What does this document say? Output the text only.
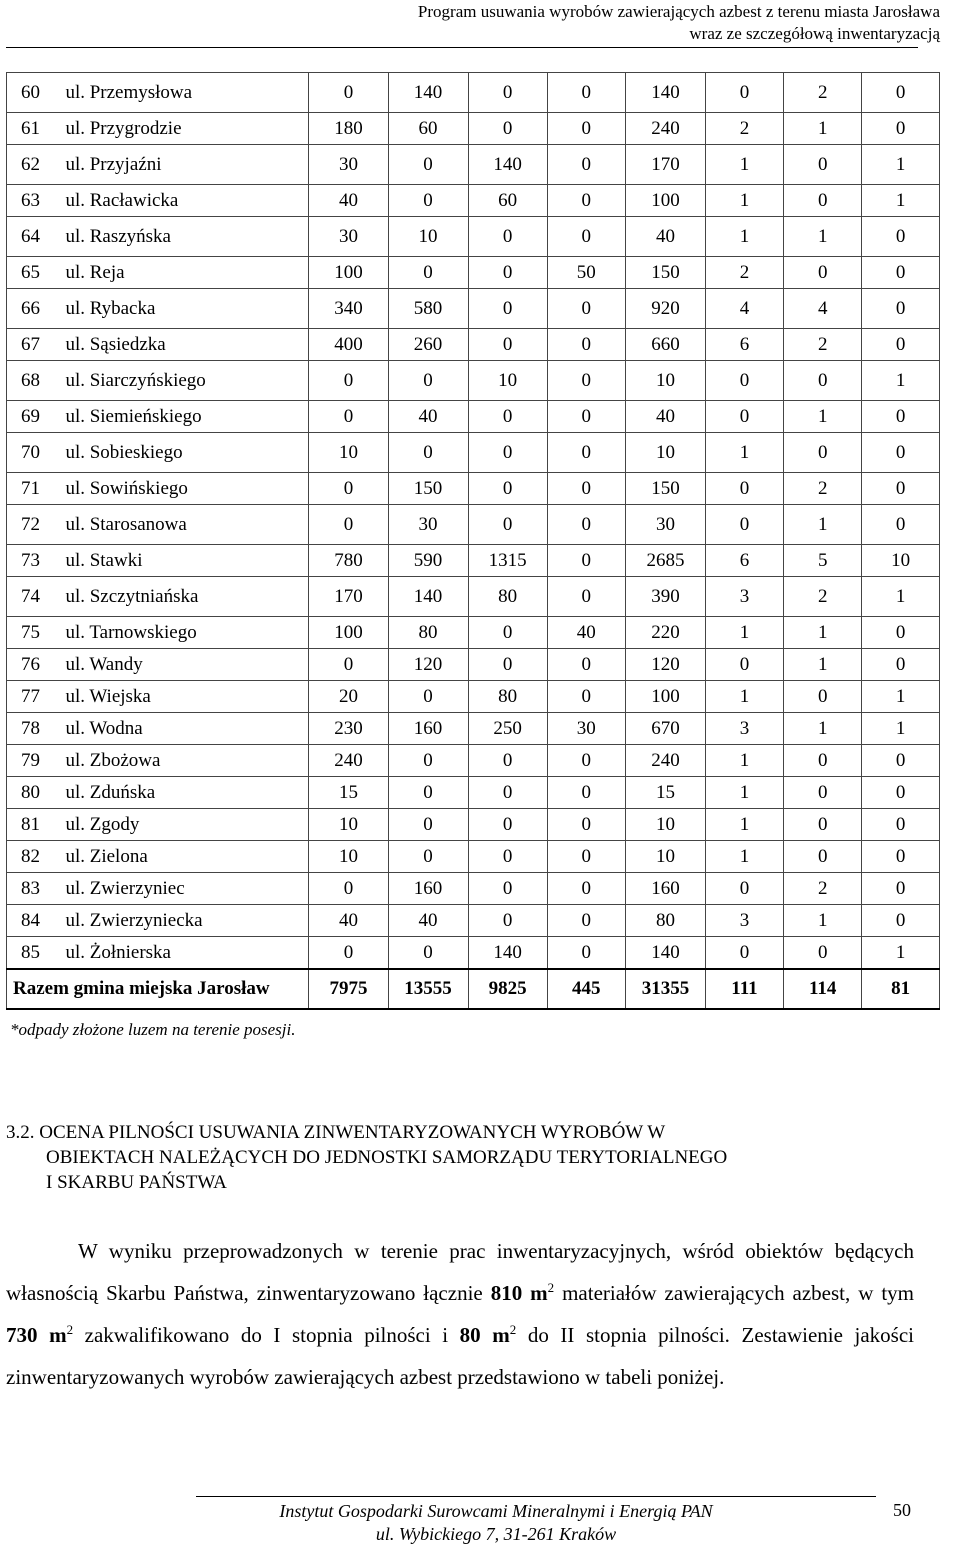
Program usuwania wyrobów zawierających azbest z terenu miasta Jarosława
wraz ze szczegółową inwentaryzacją
60	ul. Przemysłowa	0	140	0	0	140	0	2	0
61	ul. Przygrodzie	180	60	0	0	240	2	1	0
62	ul. Przyjaźni	30	0	140	0	170	1	0	1
63	ul. Racławicka	40	0	60	0	100	1	0	1
64	ul. Raszyńska	30	10	0	0	40	1	1	0
65	ul. Reja	100	0	0	50	150	2	0	0
66	ul. Rybacka	340	580	0	0	920	4	4	0
67	ul. Sąsiedzka	400	260	0	0	660	6	2	0
68	ul. Siarczyńskiego	0	0	10	0	10	0	0	1
69	ul. Siemieńskiego	0	40	0	0	40	0	1	0
70	ul. Sobieskiego	10	0	0	0	10	1	0	0
71	ul. Sowińskiego	0	150	0	0	150	0	2	0
72	ul. Starosanowa	0	30	0	0	30	0	1	0
73	ul. Stawki	780	590	1315	0	2685	6	5	10
74	ul. Szczytniańska	170	140	80	0	390	3	2	1
75	ul. Tarnowskiego	100	80	0	40	220	1	1	0
76	ul. Wandy	0	120	0	0	120	0	1	0
77	ul. Wiejska	20	0	80	0	100	1	0	1
78	ul. Wodna	230	160	250	30	670	3	1	1
79	ul. Zbożowa	240	0	0	0	240	1	0	0
80	ul. Zduńska	15	0	0	0	15	1	0	0
81	ul. Zgody	10	0	0	0	10	1	0	0
82	ul. Zielona	10	0	0	0	10	1	0	0
83	ul. Zwierzyniec	0	160	0	0	160	0	2	0
84	ul. Zwierzyniecka	40	40	0	0	80	3	1	0
85	ul. Żołnierska	0	0	140	0	140	0	0	1
Razem gmina miejska Jarosław		7975	13555	9825	445	31355	111	114	81
*odpady złożone luzem na terenie posesji.
3.2. OCENA PILNOŚCI USUWANIA ZINWENTARYZOWANYCH WYROBÓW W
OBIEKTACH NALEŻĄCYCH DO JEDNOSTKI SAMORZĄDU TERYTORIALNEGO
I SKARBU PAŃSTWA
W wyniku przeprowadzonych w terenie prac inwentaryzacyjnych, wśród obiektów będących własnością Skarbu Państwa, zinwentaryzowano łącznie 810 $m^2$ materiałów zawierających azbest, w tym 730 $m^2$ zakwalifikowano do I stopnia pilności i 80 $m^2$ do II stopnia pilności. Zestawienie jakości zinwentaryzowanych wyrobów zawierających azbest przedstawiono w tabeli poniżej.
Instytut Gospodarki Surowcami Mineralnymi i Energią PAN
ul. Wybickiego 7, 31-261 Kraków
50
